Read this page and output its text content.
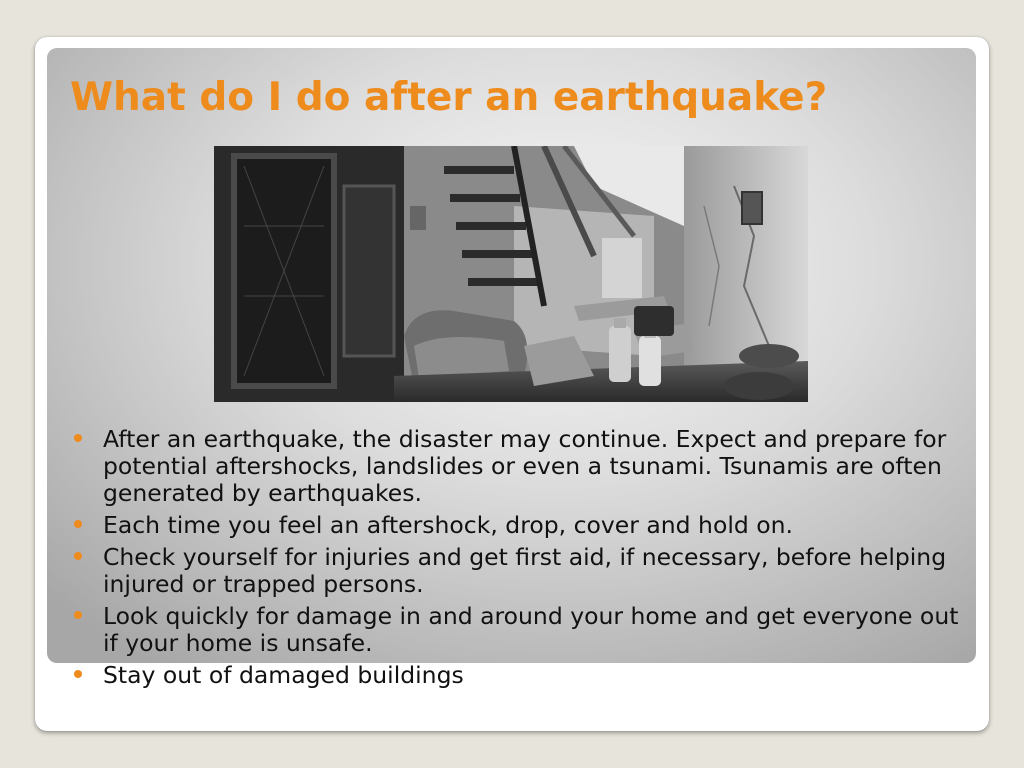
What do I do after an earthquake?
After an earthquake, the disaster may continue. Expect and prepare for potential aftershocks, landslides or even a tsunami. Tsunamis are often generated by earthquakes.
Each time you feel an aftershock, drop, cover and hold on.
Check yourself for injuries and get first aid, if necessary, before helping injured or trapped persons.
Look quickly for damage in and around your home and get everyone out if your home is unsafe.
Stay out of damaged buildings
